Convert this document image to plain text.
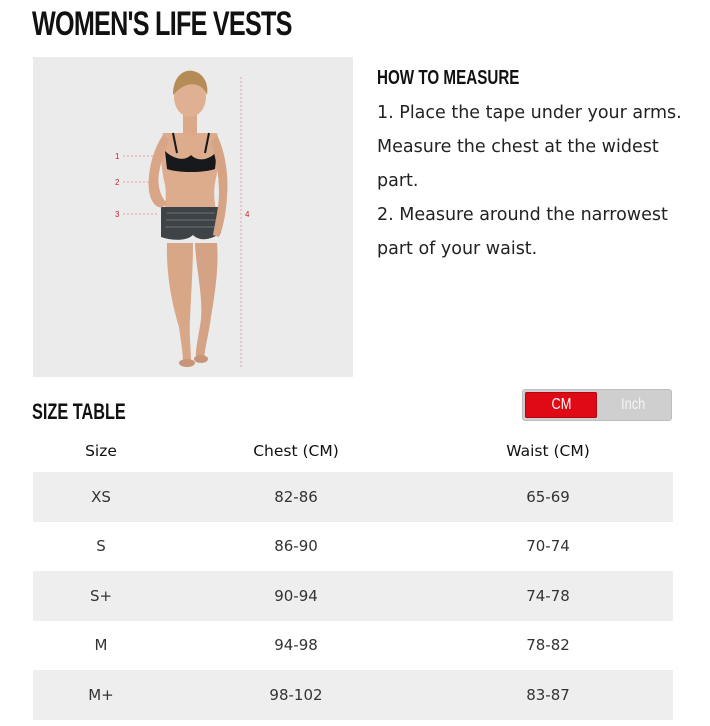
WOMEN'S LIFE VESTS
1
2
3	4
HOW TO MEASURE

1. Place the tape under your arms. Measure the chest at the widest part.

2. Measure around the narrowest part of your waist.

SIZE TABLE	CM	Inch
Size	Chest (CM)	Waist (CM)
XS	82-86	65-69
S	86-90	70-74
S+	90-94	74-78
M	94-98	78-82
M+	98-102	83-87
